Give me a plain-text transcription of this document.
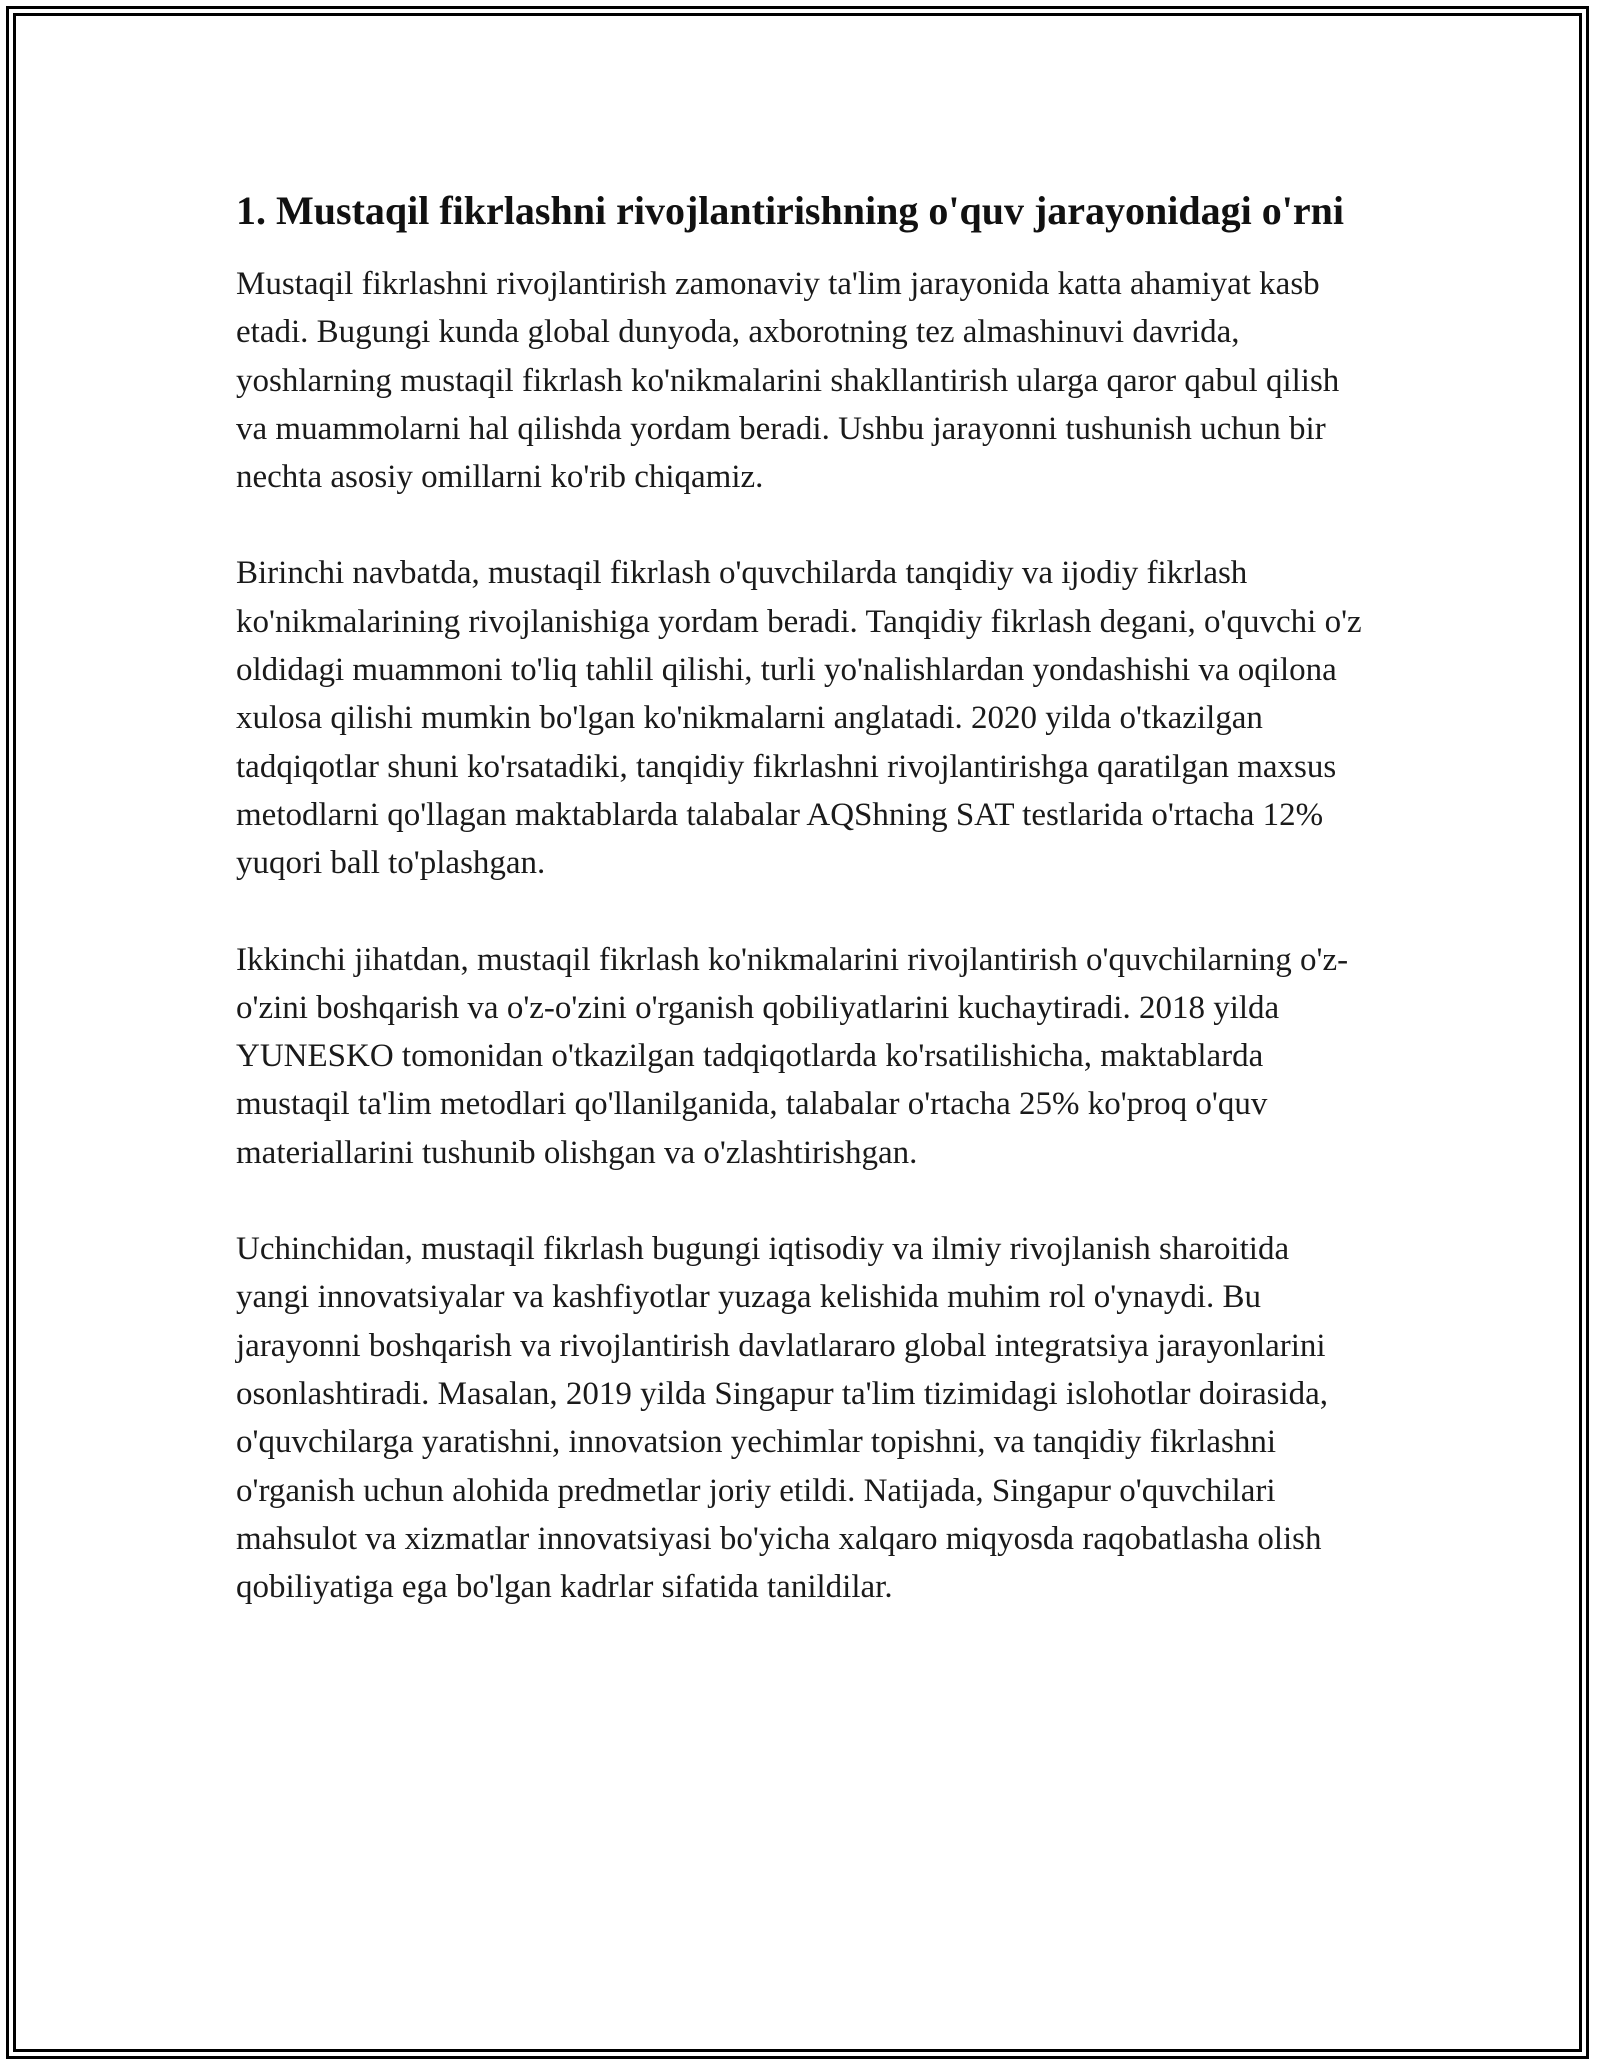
1. Mustaqil fikrlashni rivojlantirishning o'quv jarayonidagi o'rni

Mustaqil fikrlashni rivojlantirish zamonaviy ta'lim jarayonida katta ahamiyat kasb etadi. Bugungi kunda global dunyoda, axborotning tez almashinuvi davrida, yoshlarning mustaqil fikrlash ko'nikmalarini shakllantirish ularga qaror qabul qilish va muammolarni hal qilishda yordam beradi. Ushbu jarayonni tushunish uchun bir nechta asosiy omillarni ko'rib chiqamiz.

Birinchi navbatda, mustaqil fikrlash o'quvchilarda tanqidiy va ijodiy fikrlash ko'nikmalarining rivojlanishiga yordam beradi. Tanqidiy fikrlash degani, o'quvchi o'z oldidagi muammoni to'liq tahlil qilishi, turli yo'nalishlardan yondashishi va oqilona xulosa qilishi mumkin bo'lgan ko'nikmalarni anglatadi. 2020 yilda o'tkazilgan tadqiqotlar shuni ko'rsatadiki, tanqidiy fikrlashni rivojlantirishga qaratilgan maxsus metodlarni qo'llagan maktablarda talabalar AQShning SAT testlarida o'rtacha 12% yuqori ball to'plashgan.

Ikkinchi jihatdan, mustaqil fikrlash ko'nikmalarini rivojlantirish o'quvchilarning o'z-o'zini boshqarish va o'z-o'zini o'rganish qobiliyatlarini kuchaytiradi. 2018 yilda YUNESKO tomonidan o'tkazilgan tadqiqotlarda ko'rsatilishicha, maktablarda mustaqil ta'lim metodlari qo'llanilganida, talabalar o'rtacha 25% ko'proq o'quv materiallarini tushunib olishgan va o'zlashtirishgan.

Uchinchidan, mustaqil fikrlash bugungi iqtisodiy va ilmiy rivojlanish sharoitida yangi innovatsiyalar va kashfiyotlar yuzaga kelishida muhim rol o'ynaydi. Bu jarayonni boshqarish va rivojlantirish davlatlararo global integratsiya jarayonlarini osonlashtiradi. Masalan, 2019 yilda Singapur ta'lim tizimidagi islohotlar doirasida, o'quvchilarga yaratishni, innovatsion yechimlar topishni, va tanqidiy fikrlashni o'rganish uchun alohida predmetlar joriy etildi. Natijada, Singapur o'quvchilari mahsulot va xizmatlar innovatsiyasi bo'yicha xalqaro miqyosda raqobatlasha olish qobiliyatiga ega bo'lgan kadrlar sifatida tanildilar.
